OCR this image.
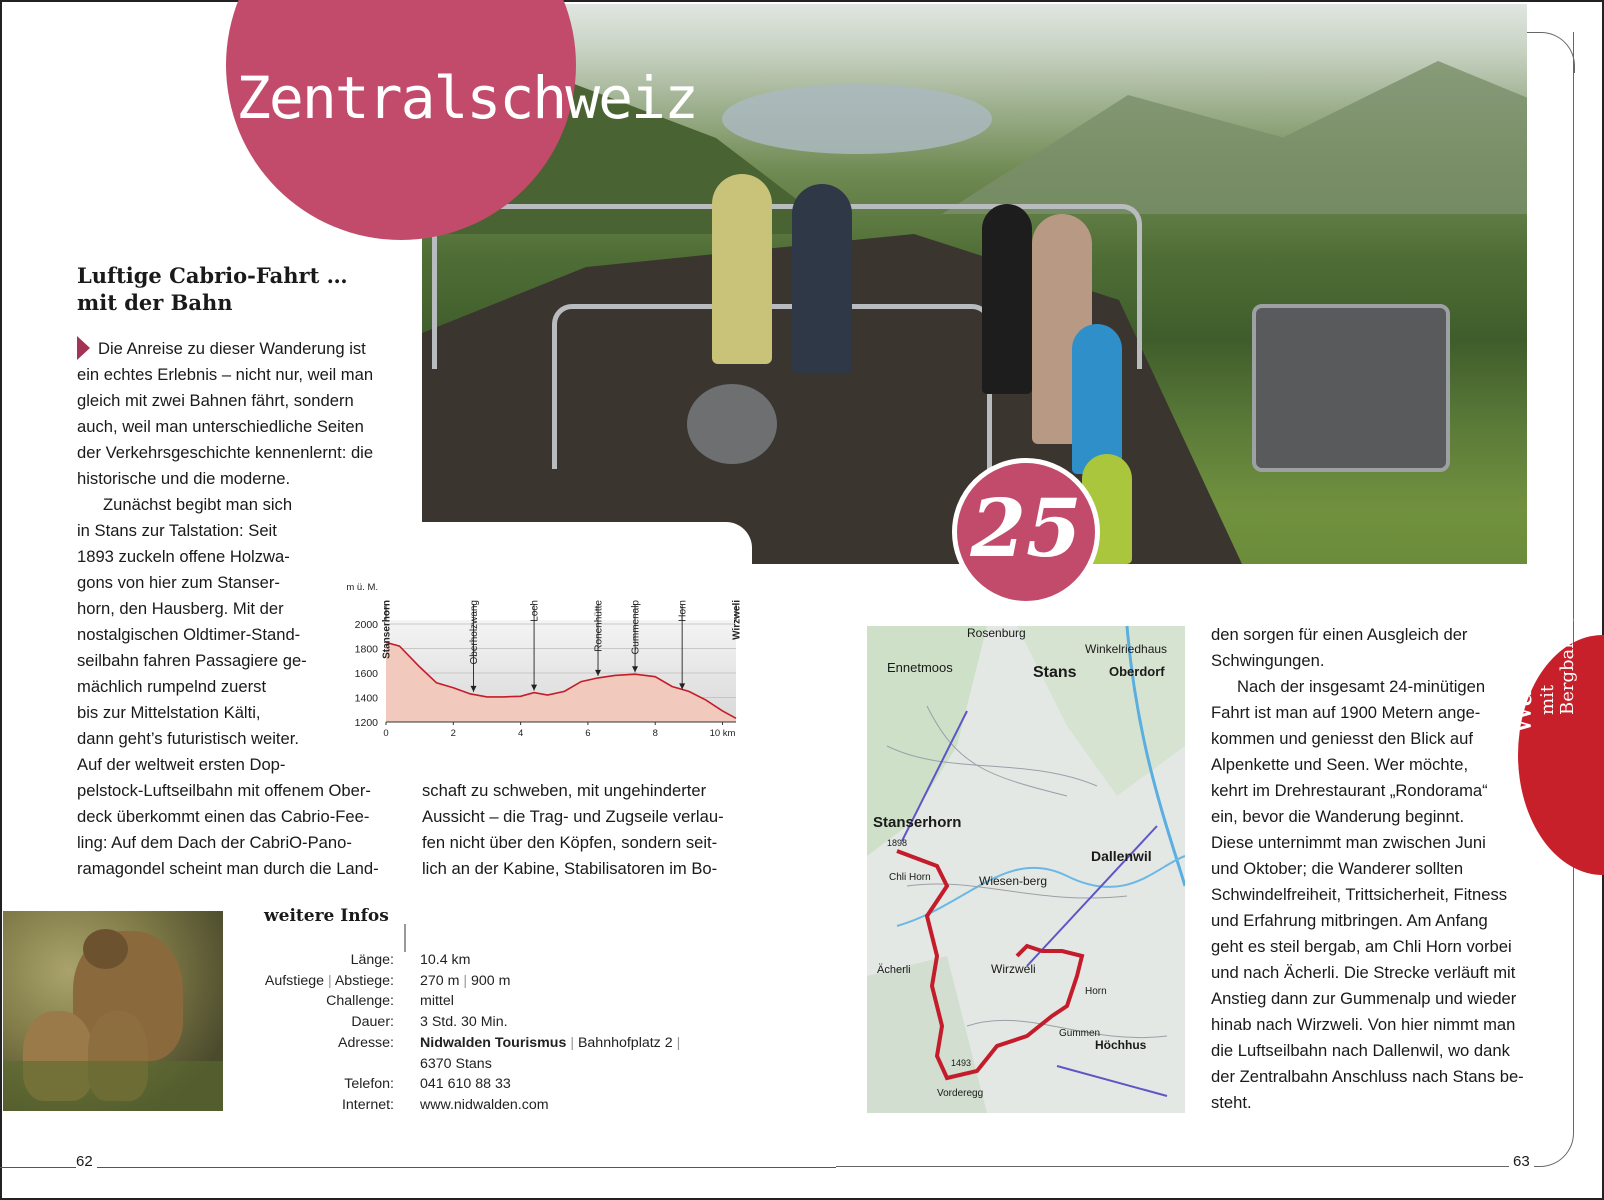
Zentralschweiz
Luftige Cabrio-Fahrt …
mit der Bahn

Die Anreise zu dieser Wanderung ist

ein echtes Erlebnis – nicht nur, weil man

gleich mit zwei Bahnen fährt, sondern

auch, weil man unterschiedliche Seiten

der Verkehrsgeschichte kennenlernt: die

historische und die moderne.

Zunächst begibt man sich

in Stans zur Talstation: Seit

1893 zuckeln offene Holzwa-

gons von hier zum Stanser-

horn, den Hausberg. Mit der

nostalgischen Oldtimer-Stand-

seilbahn fahren Passagiere ge-

mächlich rumpelnd zuerst

bis zur Mittelstation Kälti,

dann geht’s futuristisch weiter.

Auf der weltweit ersten Dop-

pelstock-Luftseilbahn mit offenem Ober-

deck überkommt einen das Cabrio-Fee-

ling: Auf dem Dach der CabriO-Pano-

ramagondel scheint man durch die Land-

2000
1800
1600
1400
1200
m ü. M.
0	2	4	6	8	10 km
Stanserhorn	Oberholzwang	Loch	Ronenhütte	Gummenalp	Horn	Wirzweli

schaft zu schweben, mit ungehinderter

Aussicht – die Trag- und Zugseile verlau-

fen nicht über den Köpfen, sondern seit-

lich an der Kabine, Stabilisatoren im Bo-

weitere Infos
Länge: 10.4 km
Aufstiege | Abstiege: 270 m | 900 m
Challenge: mittel
Dauer: 3 Std. 30 Min.
Adresse: Nidwalden Tourismus | Bahnhofplatz 2 |
6370 Stans
Telefon: 041 610 88 33
Internet: www.nidwalden.com
62
25
Rosenburg
Winkelriedhaus
Ennetmoos	Stans Oberdorf
Stanserhorn
1898
Chli Horn
Dallenwil
Wiesen-berg
Ächerli	Wirzweli
Horn
Gummen
Höchhus
1493
Vorderegg

den sorgen für einen Ausgleich der

Schwingungen.

Nach der insgesamt 24-minütigen

Fahrt ist man auf 1900 Metern ange-

kommen und geniesst den Blick auf

Alpenkette und Seen. Wer möchte,

kehrt im Drehrestaurant „Rondorama“

ein, bevor die Wanderung beginnt.

Diese unternimmt man zwischen Juni

und Oktober; die Wanderer sollten

Schwindelfreiheit, Trittsicherheit, Fitness

und Erfahrung mitbringen. Am Anfang

geht es steil bergab, am Chli Horn vorbei

und nach Ächerli. Die Strecke verläuft mit

Anstieg dann zur Gummenalp und wieder

hinab nach Wirzweli. Von hier nimmt man

die Luftseilbahn nach Dallenwil, wo dank

der Zentralbahn Anschluss nach Stans be-

steht.

Wandern
mit Bergbahnen
63
